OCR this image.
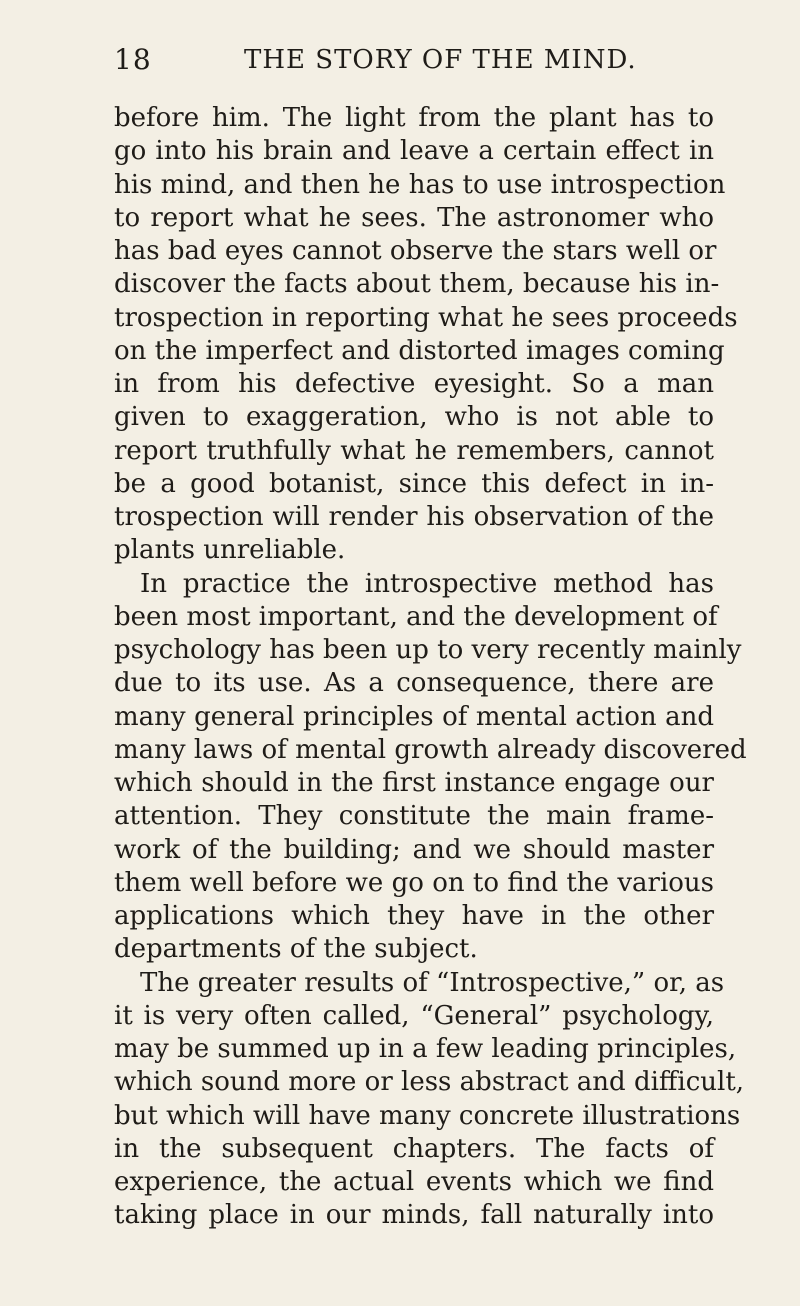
18	THE STORY OF THE MIND.
before him. The light from the plant has to
go into his brain and leave a certain effect in
his mind, and then he has to use introspection
to report what he sees. The astronomer who
has bad eyes cannot observe the stars well or
discover the facts about them, because his in-
trospection in reporting what he sees proceeds
on the imperfect and distorted images coming
in from his defective eyesight. So a man
given to exaggeration, who is not able to
report truthfully what he remembers, cannot
be a good botanist, since this defect in in-
trospection will render his observation of the
plants unreliable.
In practice the introspective method has
been most important, and the development of
psychology has been up to very recently mainly
due to its use. As a consequence, there are
many general principles of mental action and
many laws of mental growth already discovered
which should in the first instance engage our
attention. They constitute the main frame-
work of the building; and we should master
them well before we go on to find the various
applications which they have in the other
departments of the subject.
The greater results of “Introspective,” or, as
it is very often called, “General” psychology,
may be summed up in a few leading principles,
which sound more or less abstract and difficult,
but which will have many concrete illustrations
in the subsequent chapters. The facts of
experience, the actual events which we find
taking place in our minds, fall naturally into
